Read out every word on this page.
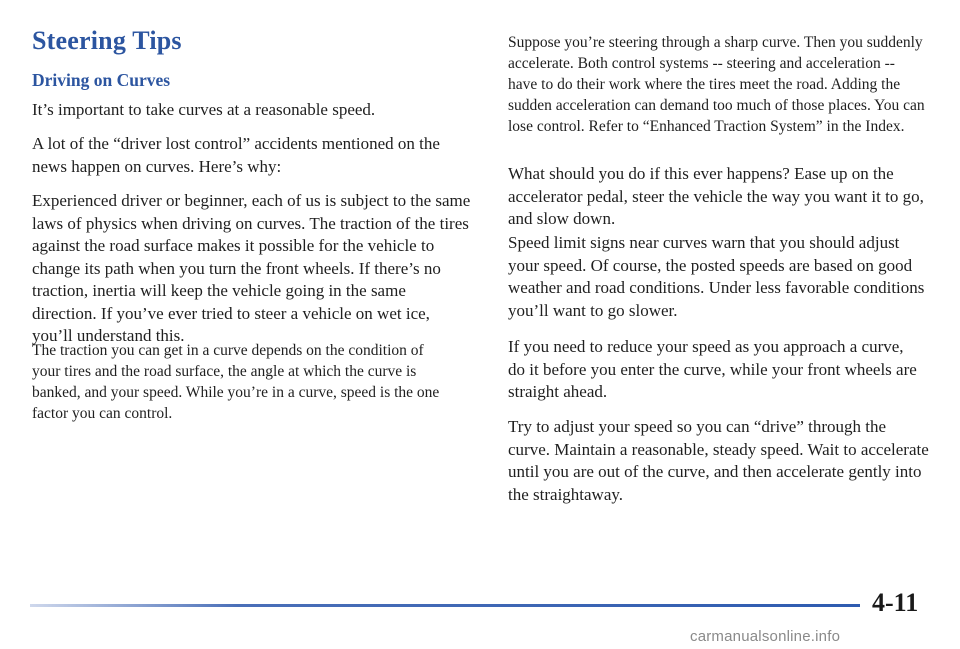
Steering Tips
Driving on Curves

It’s important to take curves at a reasonable speed.

A lot of the “driver lost control” accidents mentioned on the news happen on curves. Here’s why:

Experienced driver or beginner, each of us is subject to the same laws of physics when driving on curves. The traction of the tires against the road surface makes it possible for the vehicle to change its path when you turn the front wheels. If there’s no traction, inertia will keep the vehicle going in the same direction. If you’ve ever tried to steer a vehicle on wet ice, you’ll understand this.

The traction you can get in a curve depends on the condition of your tires and the road surface, the angle at which the curve is banked, and your speed. While you’re in a curve, speed is the one factor you can control.

Suppose you’re steering through a sharp curve. Then you suddenly accelerate. Both control systems -- steering and acceleration -- have to do their work where the tires meet the road. Adding the sudden acceleration can demand too much of those places. You can lose control. Refer to “Enhanced Traction System” in the Index.

What should you do if this ever happens? Ease up on the accelerator pedal, steer the vehicle the way you want it to go, and slow down.

Speed limit signs near curves warn that you should adjust your speed. Of course, the posted speeds are based on good weather and road conditions. Under less favorable conditions you’ll want to go slower.

If you need to reduce your speed as you approach a curve, do it before you enter the curve, while your front wheels are straight ahead.

Try to adjust your speed so you can “drive” through the curve. Maintain a reasonable, steady speed. Wait to accelerate until you are out of the curve, and then accelerate gently into the straightaway.

4-11

carmanualsonline.info
